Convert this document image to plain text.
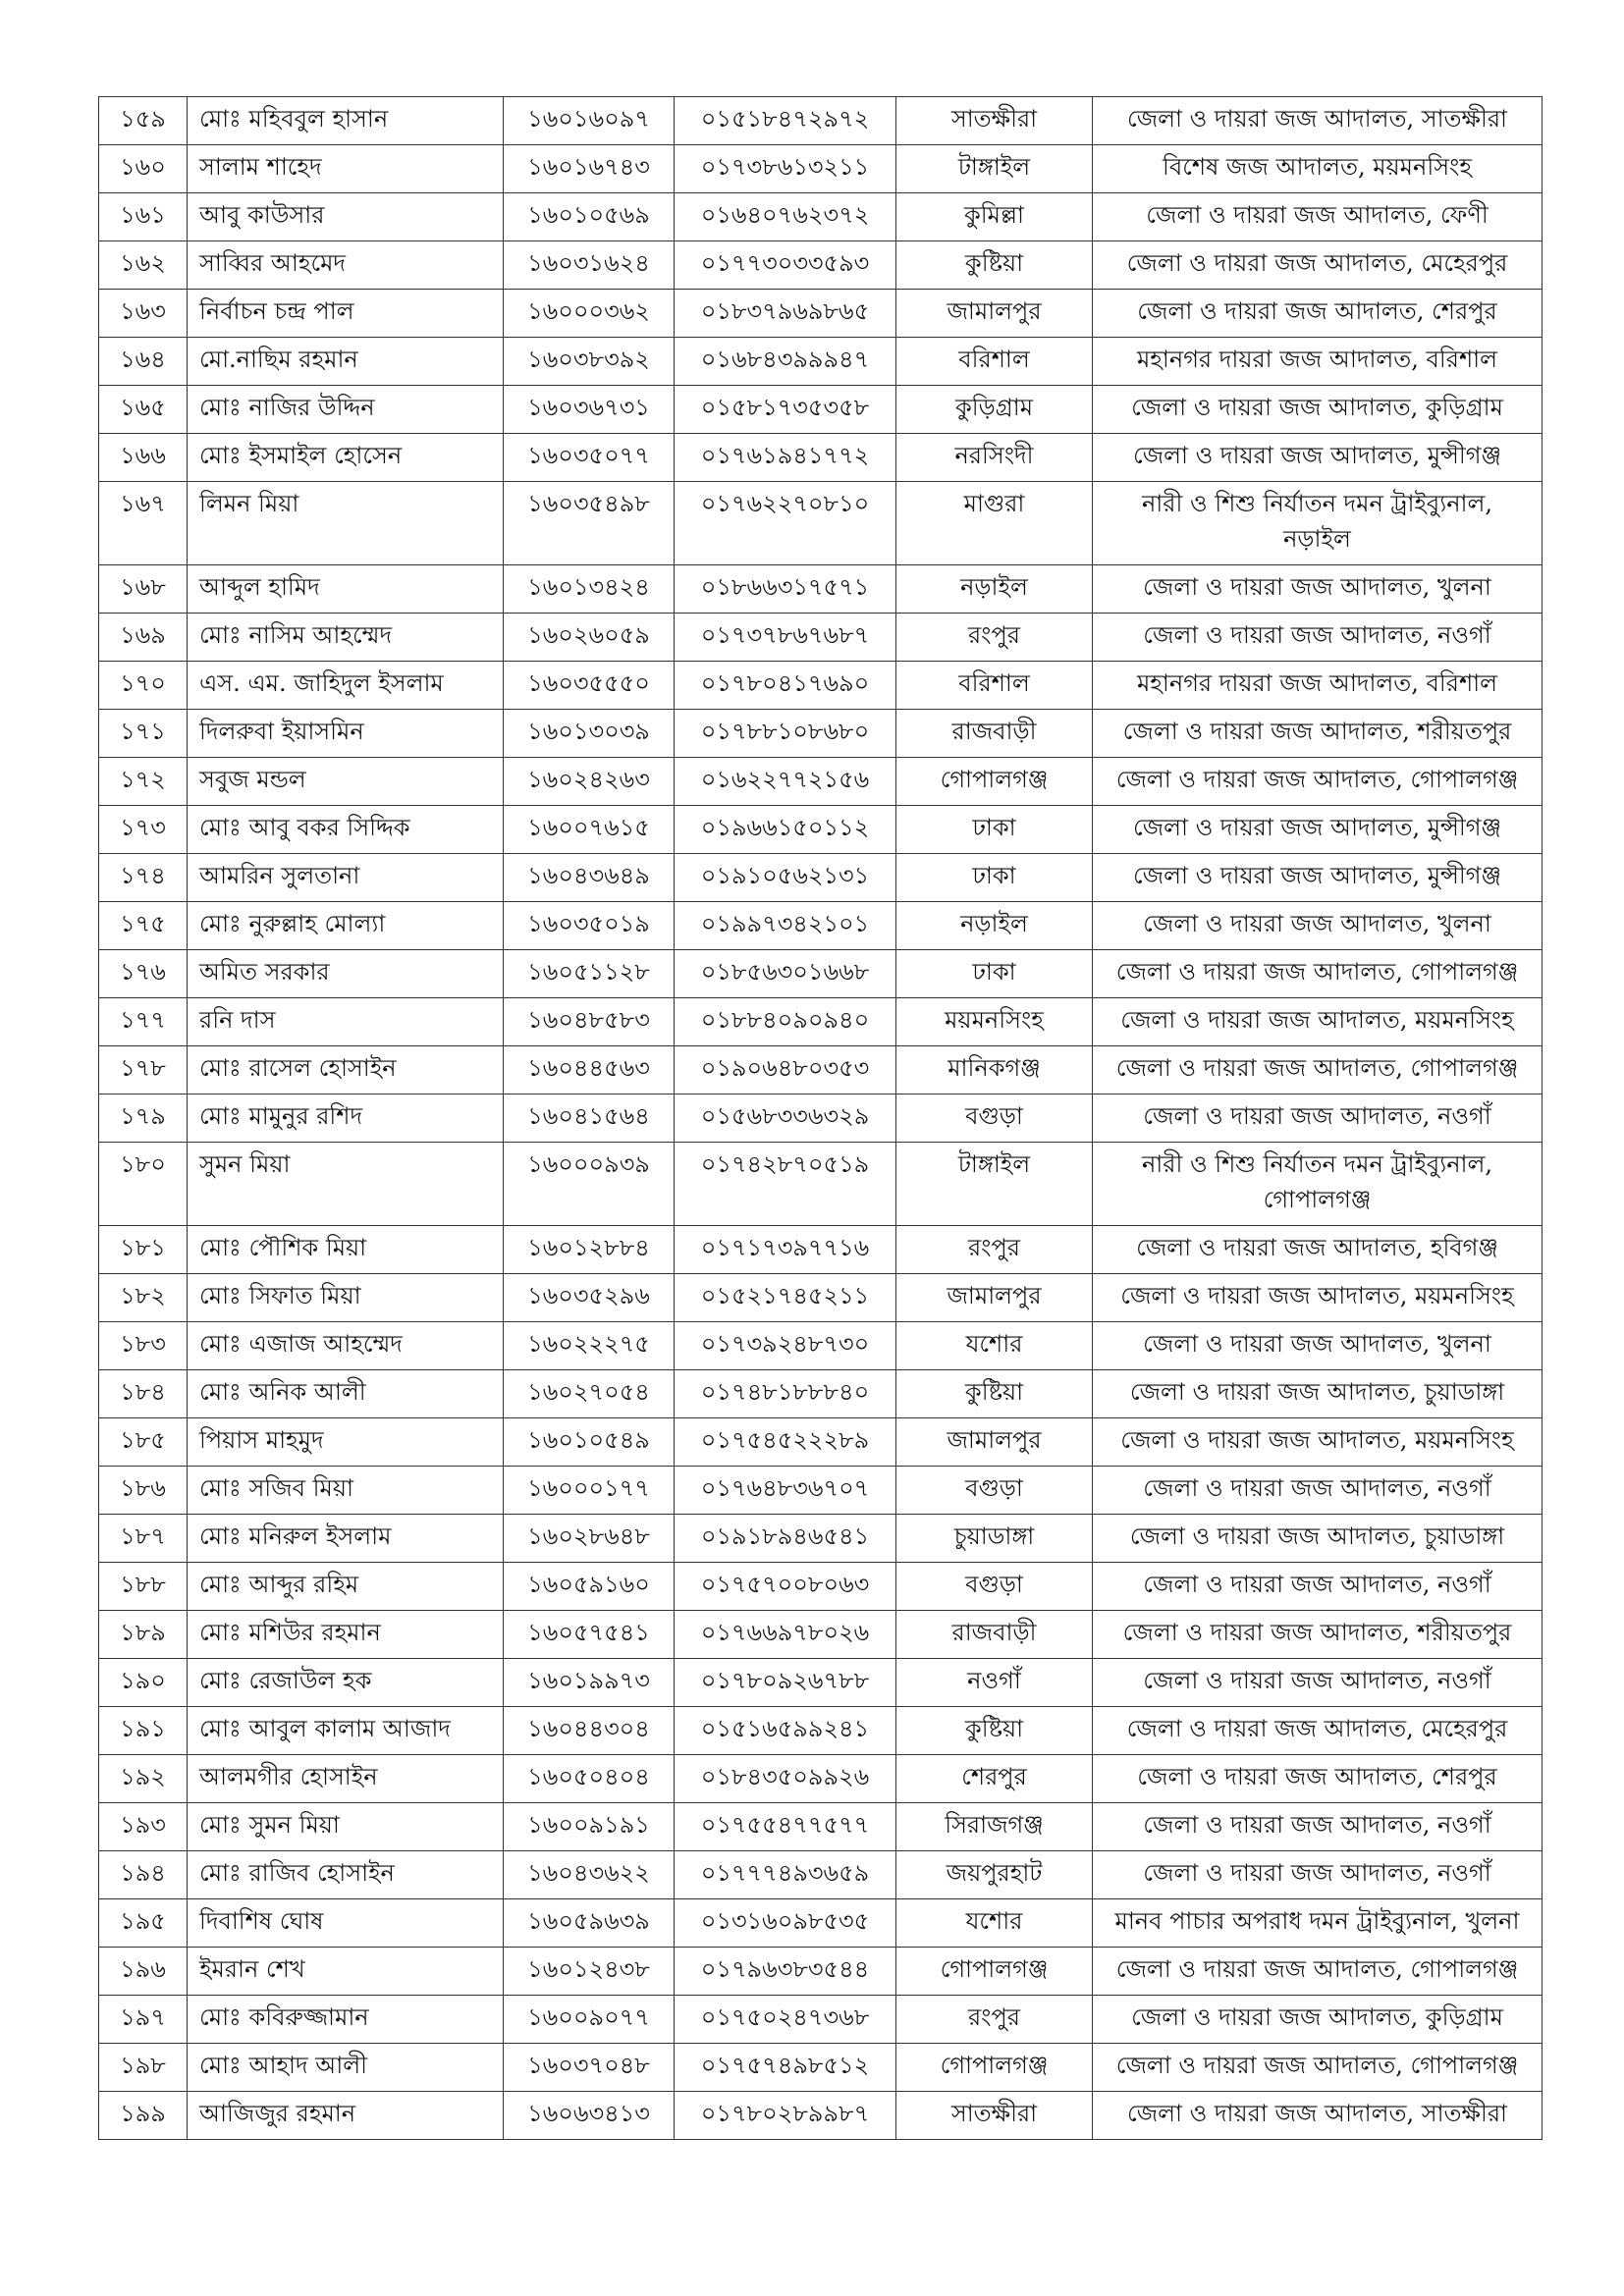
১৫৯	মোঃ মহিববুল হাসান	১৬০১৬০৯৭	০১৫১৮৪৭২৯৭২	সাতক্ষীরা	জেলা ও দায়রা জজ আদালত, সাতক্ষীরা
১৬০	সালাম শাহেদ	১৬০১৬৭৪৩	০১৭৩৮৬১৩২১১	টাঙ্গাইল	বিশেষ জজ আদালত, ময়মনসিংহ
১৬১	আবু কাউসার	১৬০১০৫৬৯	০১৬৪০৭৬২৩৭২	কুমিল্লা	জেলা ও দায়রা জজ আদালত, ফেণী
১৬২	সাব্বির আহমেদ	১৬০৩১৬২৪	০১৭৭৩০৩৩৫৯৩	কুষ্টিয়া	জেলা ও দায়রা জজ আদালত, মেহেরপুর
১৬৩	নির্বাচন চন্দ্র পাল	১৬০০০৩৬২	০১৮৩৭৯৬৯৮৬৫	জামালপুর	জেলা ও দায়রা জজ আদালত, শেরপুর
১৬৪	মো.নাছিম রহমান	১৬০৩৮৩৯২	০১৬৮৪৩৯৯৯৪৭	বরিশাল	মহানগর দায়রা জজ আদালত, বরিশাল
১৬৫	মোঃ নাজির উদ্দিন	১৬০৩৬৭৩১	০১৫৮১৭৩৫৩৫৮	কুড়িগ্রাম	জেলা ও দায়রা জজ আদালত, কুড়িগ্রাম
১৬৬	মোঃ ইসমাইল হোসেন	১৬০৩৫০৭৭	০১৭৬১৯৪১৭৭২	নরসিংদী	জেলা ও দায়রা জজ আদালত, মুন্সীগঞ্জ
১৬৭	লিমন মিয়া	১৬০৩৫৪৯৮	০১৭৬২২৭০৮১০	মাগুরা	নারী ও শিশু নির্যাতন দমন ট্রাইব্যুনাল, নড়াইল
১৬৮	আব্দুল হামিদ	১৬০১৩৪২৪	০১৮৬৬৩১৭৫৭১	নড়াইল	জেলা ও দায়রা জজ আদালত, খুলনা
১৬৯	মোঃ নাসিম আহম্মেদ	১৬০২৬০৫৯	০১৭৩৭৮৬৭৬৮৭	রংপুর	জেলা ও দায়রা জজ আদালত, নওগাঁ
১৭০	এস. এম. জাহিদুল ইসলাম	১৬০৩৫৫৫০	০১৭৮০৪১৭৬৯০	বরিশাল	মহানগর দায়রা জজ আদালত, বরিশাল
১৭১	দিলরুবা ইয়াসমিন	১৬০১৩০৩৯	০১৭৮৮১০৮৬৮০	রাজবাড়ী	জেলা ও দায়রা জজ আদালত, শরীয়তপুর
১৭২	সবুজ মন্ডল	১৬০২৪২৬৩	০১৬২২৭৭২১৫৬	গোপালগঞ্জ	জেলা ও দায়রা জজ আদালত, গোপালগঞ্জ
১৭৩	মোঃ আবু বকর সিদ্দিক	১৬০০৭৬১৫	০১৯৬৬১৫০১১২	ঢাকা	জেলা ও দায়রা জজ আদালত, মুন্সীগঞ্জ
১৭৪	আমরিন সুলতানা	১৬০৪৩৬৪৯	০১৯১০৫৬২১৩১	ঢাকা	জেলা ও দায়রা জজ আদালত, মুন্সীগঞ্জ
১৭৫	মোঃ নুরুল্লাহ মোল্যা	১৬০৩৫০১৯	০১৯৯৭৩৪২১০১	নড়াইল	জেলা ও দায়রা জজ আদালত, খুলনা
১৭৬	অমিত সরকার	১৬০৫১১২৮	০১৮৫৬৩০১৬৬৮	ঢাকা	জেলা ও দায়রা জজ আদালত, গোপালগঞ্জ
১৭৭	রনি দাস	১৬০৪৮৫৮৩	০১৮৮৪০৯০৯৪০	ময়মনসিংহ	জেলা ও দায়রা জজ আদালত, ময়মনসিংহ
১৭৮	মোঃ রাসেল হোসাইন	১৬০৪৪৫৬৩	০১৯০৬৪৮০৩৫৩	মানিকগঞ্জ	জেলা ও দায়রা জজ আদালত, গোপালগঞ্জ
১৭৯	মোঃ মামুনুর রশিদ	১৬০৪১৫৬৪	০১৫৬৮৩৩৬৩২৯	বগুড়া	জেলা ও দায়রা জজ আদালত, নওগাঁ
১৮০	সুমন মিয়া	১৬০০০৯৩৯	০১৭৪২৮৭০৫১৯	টাঙ্গাইল	নারী ও শিশু নির্যাতন দমন ট্রাইব্যুনাল, গোপালগঞ্জ
১৮১	মোঃ পৌশিক মিয়া	১৬০১২৮৮৪	০১৭১৭৩৯৭৭১৬	রংপুর	জেলা ও দায়রা জজ আদালত, হবিগঞ্জ
১৮২	মোঃ সিফাত মিয়া	১৬০৩৫২৯৬	০১৫২১৭৪৫২১১	জামালপুর	জেলা ও দায়রা জজ আদালত, ময়মনসিংহ
১৮৩	মোঃ এজাজ আহম্মেদ	১৬০২২২৭৫	০১৭৩৯২৪৮৭৩০	যশোর	জেলা ও দায়রা জজ আদালত, খুলনা
১৮৪	মোঃ অনিক আলী	১৬০২৭০৫৪	০১৭৪৮১৮৮৮৪০	কুষ্টিয়া	জেলা ও দায়রা জজ আদালত, চুয়াডাঙ্গা
১৮৫	পিয়াস মাহমুদ	১৬০১০৫৪৯	০১৭৫৪৫২২২৮৯	জামালপুর	জেলা ও দায়রা জজ আদালত, ময়মনসিংহ
১৮৬	মোঃ সজিব মিয়া	১৬০০০১৭৭	০১৭৬৪৮৩৬৭০৭	বগুড়া	জেলা ও দায়রা জজ আদালত, নওগাঁ
১৮৭	মোঃ মনিরুল ইসলাম	১৬০২৮৬৪৮	০১৯১৮৯৪৬৫৪১	চুয়াডাঙ্গা	জেলা ও দায়রা জজ আদালত, চুয়াডাঙ্গা
১৮৮	মোঃ আব্দুর রহিম	১৬০৫৯১৬০	০১৭৫৭০০৮০৬৩	বগুড়া	জেলা ও দায়রা জজ আদালত, নওগাঁ
১৮৯	মোঃ মশিউর রহমান	১৬০৫৭৫৪১	০১৭৬৬৯৭৮০২৬	রাজবাড়ী	জেলা ও দায়রা জজ আদালত, শরীয়তপুর
১৯০	মোঃ রেজাউল হক	১৬০১৯৯৭৩	০১৭৮০৯২৬৭৮৮	নওগাঁ	জেলা ও দায়রা জজ আদালত, নওগাঁ
১৯১	মোঃ আবুল কালাম আজাদ	১৬০৪৪৩০৪	০১৫১৬৫৯৯২৪১	কুষ্টিয়া	জেলা ও দায়রা জজ আদালত, মেহেরপুর
১৯২	আলমগীর হোসাইন	১৬০৫০৪০৪	০১৮৪৩৫০৯৯২৬	শেরপুর	জেলা ও দায়রা জজ আদালত, শেরপুর
১৯৩	মোঃ সুমন মিয়া	১৬০০৯১৯১	০১৭৫৫৪৭৭৫৭৭	সিরাজগঞ্জ	জেলা ও দায়রা জজ আদালত, নওগাঁ
১৯৪	মোঃ রাজিব হোসাইন	১৬০৪৩৬২২	০১৭৭৭৪৯৩৬৫৯	জয়পুরহাট	জেলা ও দায়রা জজ আদালত, নওগাঁ
১৯৫	দিবাশিষ ঘোষ	১৬০৫৯৬৩৯	০১৩১৬০৯৮৫৩৫	যশোর	মানব পাচার অপরাধ দমন ট্রাইব্যুনাল, খুলনা
১৯৬	ইমরান শেখ	১৬০১২৪৩৮	০১৭৯৬৩৮৩৫৪৪	গোপালগঞ্জ	জেলা ও দায়রা জজ আদালত, গোপালগঞ্জ
১৯৭	মোঃ কবিরুজ্জামান	১৬০০৯০৭৭	০১৭৫০২৪৭৩৬৮	রংপুর	জেলা ও দায়রা জজ আদালত, কুড়িগ্রাম
১৯৮	মোঃ আহাদ আলী	১৬০৩৭০৪৮	০১৭৫৭৪৯৮৫১২	গোপালগঞ্জ	জেলা ও দায়রা জজ আদালত, গোপালগঞ্জ
১৯৯	আজিজুর রহমান	১৬০৬৩৪১৩	০১৭৮০২৮৯৯৮৭	সাতক্ষীরা	জেলা ও দায়রা জজ আদালত, সাতক্ষীরা
